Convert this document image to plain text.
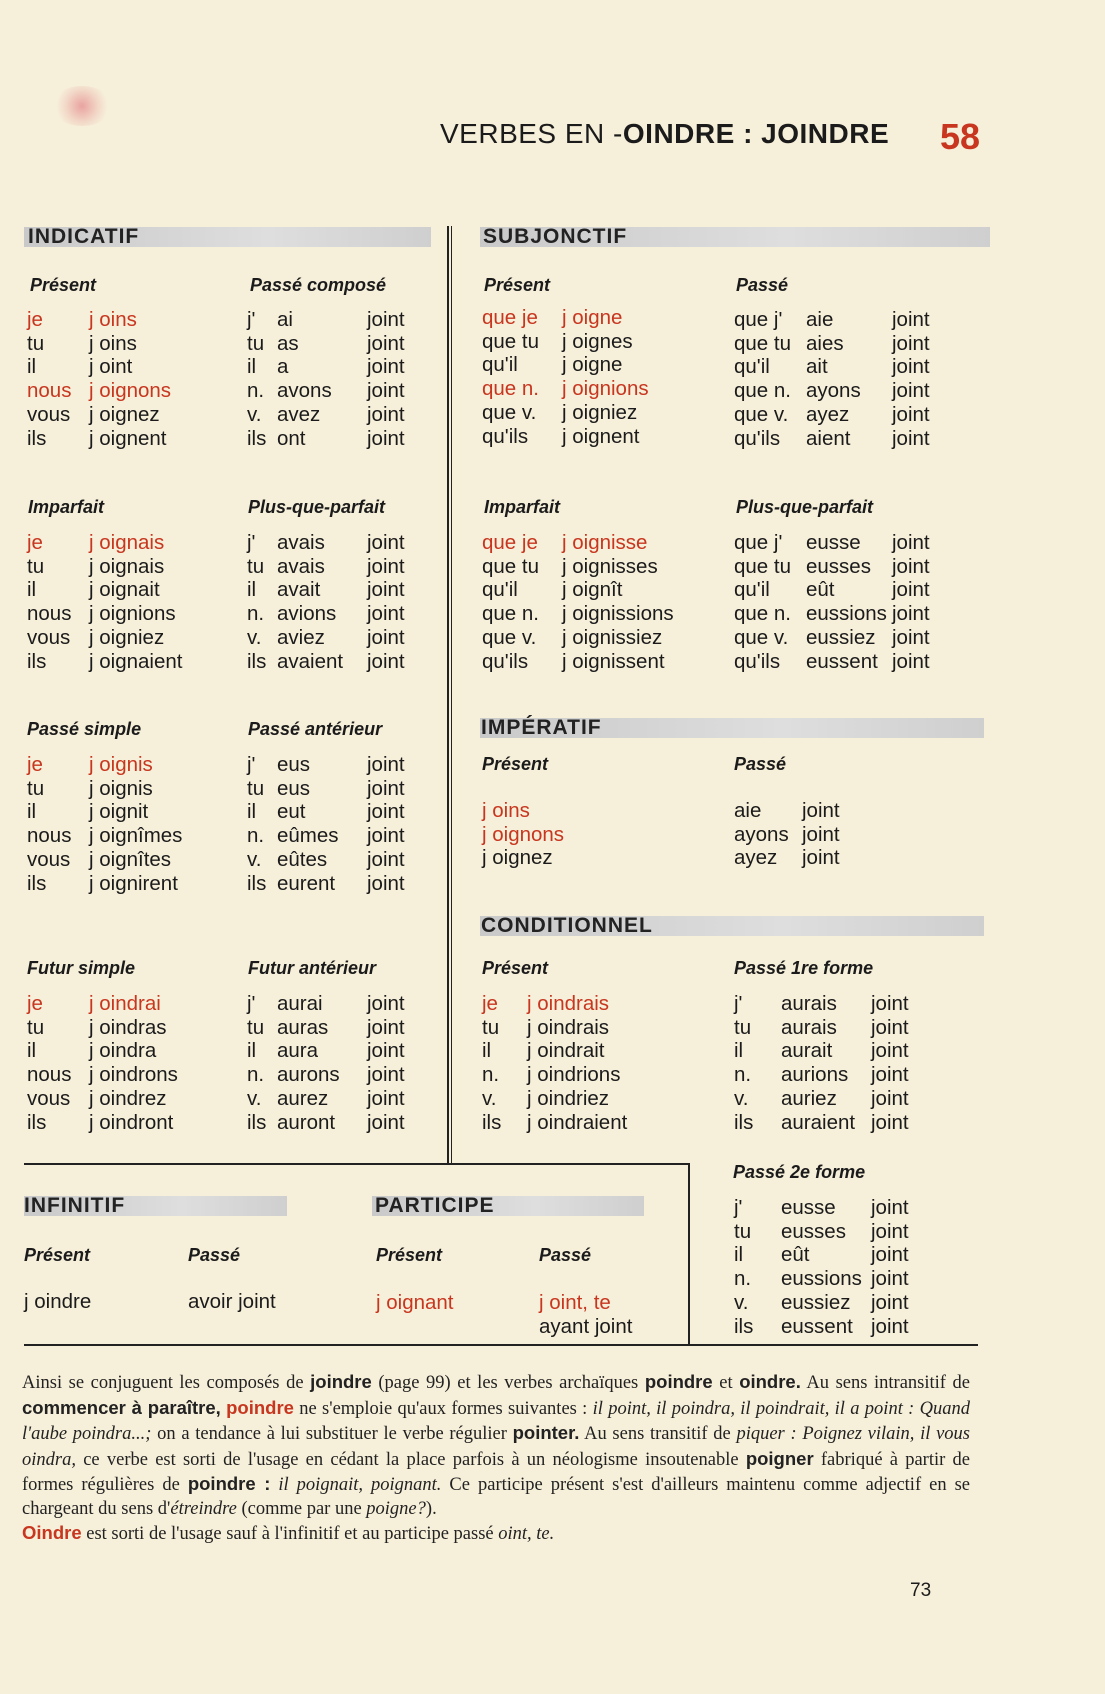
VERBES EN -OINDRE : JOINDRE 58
INDICATIF	SUBJONCTIF
IMPÉRATIF
CONDITIONNEL
INFINITIF	PARTICIPE
Présent	Passé composé
Imparfait	Plus-que-parfait
Passé simple	Passé antérieur
Futur simple	Futur antérieur
Présent	Passé
Imparfait	Plus-que-parfait
Présent	Passé
Présent	Passé 1re forme
Passé 2e forme
Présent	Passé	Présent	Passé
je	j oins
tu	j oins
il	j oint
nous j oignons
vous j oignez
ils	j oignent
j'	ai	joint
tu as	joint
il	a	joint
n. avons	joint
v. avez	joint
ils ont	joint
je	j oignais
tu	j oignais
il	j oignait
nous j oignions
vous j oigniez
ils	j oignaient
j'	avais	joint
tu avais	joint
il	avait	joint
n. avions	joint
v. aviez	joint
ils avaient	joint
je	j oignis
tu	j oignis
il	j oignit
nous j oignîmes
vous j oignîtes
ils	j oignirent
j'	eus	joint
tu eus	joint
il	eut	joint
n. eûmes	joint
v. eûtes	joint
ils eurent	joint
je	j oindrai
tu	j oindras
il	j oindra
nous j oindrons
vous j oindrez
ils	j oindront
j'	aurai	joint
tu auras	joint
il	aura	joint
n. aurons	joint
v. aurez	joint
ils auront	joint
que je	j oigne
que tu	j oignes
qu'il	j oigne
que n.	j oignions
que v.	j oigniez
qu'ils	j oignent
que j'	aie	joint
que tu aies	joint
qu'il	ait	joint
que n. ayons	joint
que v. ayez	joint
qu'ils	aient	joint
que je	j oignisse
que tu	j oignisses
qu'il	j oignît
que n.	j oignissions
que v.	j oignissiez
qu'ils	j oignissent
que j'	eusse	joint
que tu eusses	joint
qu'il	eût	joint
que n. eussions joint
que v. eussiez joint
qu'ils	eussent joint
j oins
j oignons
j oignez
aie	joint
ayons joint
ayez	joint
je	j oindrais
tu	j oindrais
il	j oindrait
n.	j oindrions
v.	j oindriez
ils	j oindraient
j'	aurais	joint
tu	aurais	joint
il	aurait	joint
n.	aurions	joint
v.	auriez	joint
ils	auraient joint
j'	eusse	joint
tu	eusses	joint
il	eût	joint
n.	eussions joint
v.	eussiez joint
ils	eussent joint
j oindre	avoir joint	j oignant	j oint, te
ayant joint
Ainsi se conjuguent les composés de joindre (page 99) et les verbes archaïques poindre et oindre. Au sens intransitif de commencer à paraître, poindre ne s'emploie qu'aux formes suivantes : il point, il poindra, il poindrait, il a point : Quand l'aube poindra...; on a tendance à lui substituer le verbe régulier pointer. Au sens transitif de piquer : Poignez vilain, il vous oindra, ce verbe est sorti de l'usage en cédant la place parfois à un néologisme insoutenable poigner fabriqué à partir de formes régulières de poindre : il poignait, poignant. Ce participe présent s'est d'ailleurs maintenu comme adjectif en se chargeant du sens d'étreindre (comme par une poigne?).
Oindre est sorti de l'usage sauf à l'infinitif et au participe passé oint, te.
73
